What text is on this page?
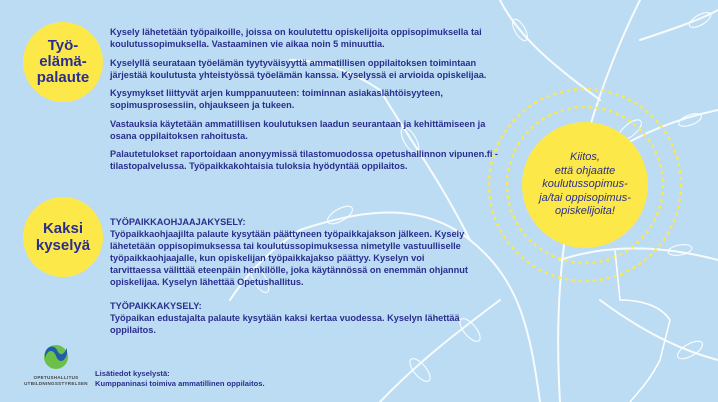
Työ-
elämä-
palaute

Kysely lähetetään työpaikoille, joissa on koulutettu opiskelijoita oppisopimuksella tai koulutussopimuksella. Vastaaminen vie aikaa noin 5 minuuttia.

Kyselyllä seurataan työelämän tyytyväisyyttä ammatillisen oppilaitoksen toimintaan järjestää koulutusta yhteistyössä työelämän kanssa. Kyselyssä ei arvioida opiskelijaa.

Kysymykset liittyvät arjen kumppanuuteen: toiminnan asiakaslähtöisyyteen, sopimusprosessiin, ohjaukseen ja tukeen.

Vastauksia käytetään ammatillisen koulutuksen laadun seurantaan ja kehittämiseen ja osana oppilaitoksen rahoitusta.

Palautetulokset raportoidaan anonyymissä tilastomuodossa opetushallinnon vipunen.fi -tilastopalvelussa. Työpaikkakohtaisia tuloksia hyödyntää oppilaitos.

Kaksi
kyselyä

TYÖPAIKKAOHJAAJAKYSELY:
Työpaikkaohjaajilta palaute kysytään päättyneen työpaikkajakson jälkeen. Kysely lähetetään oppisopimuksessa tai koulutussopimuksessa nimetylle vastuulliselle työpaikkaohjaajalle, kun opiskelijan työpaikkajakso päättyy. Kyselyn voi tarvittaessa välittää eteenpäin henkilölle, joka käytännössä on enemmän ohjannut opiskelijaa. Kyselyn lähettää Opetushallitus.

TYÖPAIKKAKYSELY:
Työpaikan edustajalta palaute kysytään kaksi kertaa vuodessa. Kyselyn lähettää oppilaitos.

Kiitos,
että ohjaatte
koulutussopimus-
ja/tai oppisopimus-
opiskelijoita!
OPETUSHALLITUS
UTBILDNINGSSTYRELSEN
Lisätiedot kyselystä:
Kumppaninasi toimiva ammatillinen oppilaitos.
